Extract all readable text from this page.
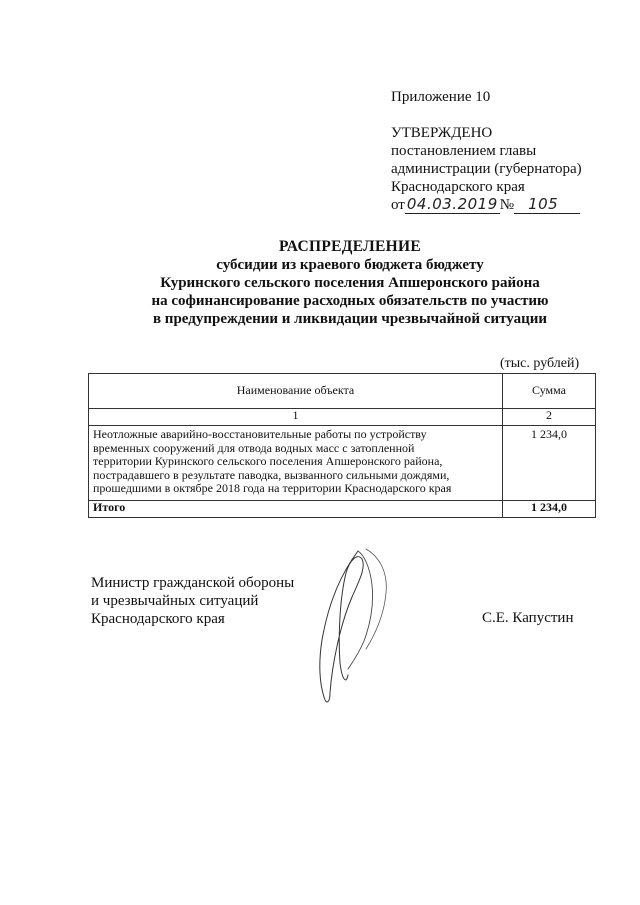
Приложение 10
УТВЕРЖДЕНО
постановлением главы
администрации (губернатора)
Краснодарского края
от 04.03.2019 № 105
РАСПРЕДЕЛЕНИЕ
субсидии из краевого бюджета бюджету
Куринского сельского поселения Апшеронского района
на софинансирование расходных обязательств по участию
в предупреждении и ликвидации чрезвычайной ситуации
(тыс. рублей)
Наименование объекта	Сумма
1	2

Неотложные аварийно-восстановительные работы по устройству
временных сооружений для отвода водных масс с затопленной
территории Куринского сельского поселения Апшеронского района,
пострадавшего в результате паводка, вызванного сильными дождями,
прошедшими в октябре 2018 года на территории Краснодарского края	1 234,0
Итого	1 234,0
Министр гражданской обороны
и чрезвычайных ситуаций
Краснодарского края	С.Е. Капустин
